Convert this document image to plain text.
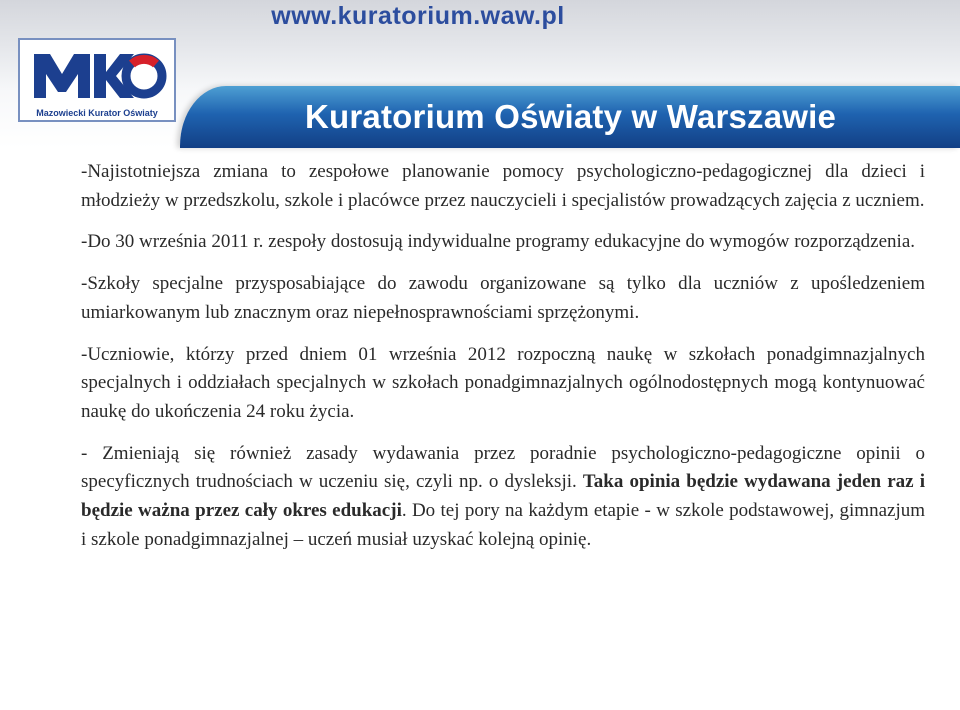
www.kuratorium.waw.pl
Kuratorium Oświaty w Warszawie
Mazowiecki Kurator Oświaty

-Najistotniejsza zmiana to zespołowe planowanie pomocy psychologiczno-pedagogicznej dla dzieci i młodzieży w przedszkolu, szkole i placówce przez nauczycieli i specjalistów prowadzących zajęcia z uczniem.

-Do 30 września 2011 r. zespoły dostosują indywidualne programy edukacyjne do wymogów rozporządzenia.

-Szkoły specjalne przysposabiające do zawodu organizowane są tylko dla uczniów z upośledzeniem umiarkowanym lub znacznym oraz niepełnosprawnościami sprzężonymi.

-Uczniowie, którzy przed dniem 01 września 2012 rozpoczną naukę w szkołach ponadgimnazjalnych specjalnych i oddziałach specjalnych w szkołach ponadgimnazjalnych ogólnodostępnych mogą kontynuować naukę do ukończenia 24 roku życia.

- Zmieniają się również zasady wydawania przez poradnie psychologiczno-pedagogiczne opinii o specyficznych trudnościach w uczeniu się, czyli np. o dysleksji. Taka opinia będzie wydawana jeden raz i będzie ważna przez cały okres edukacji. Do tej pory na każdym etapie - w szkole podstawowej, gimnazjum i szkole ponadgimnazjalnej – uczeń musiał uzyskać kolejną opinię.
